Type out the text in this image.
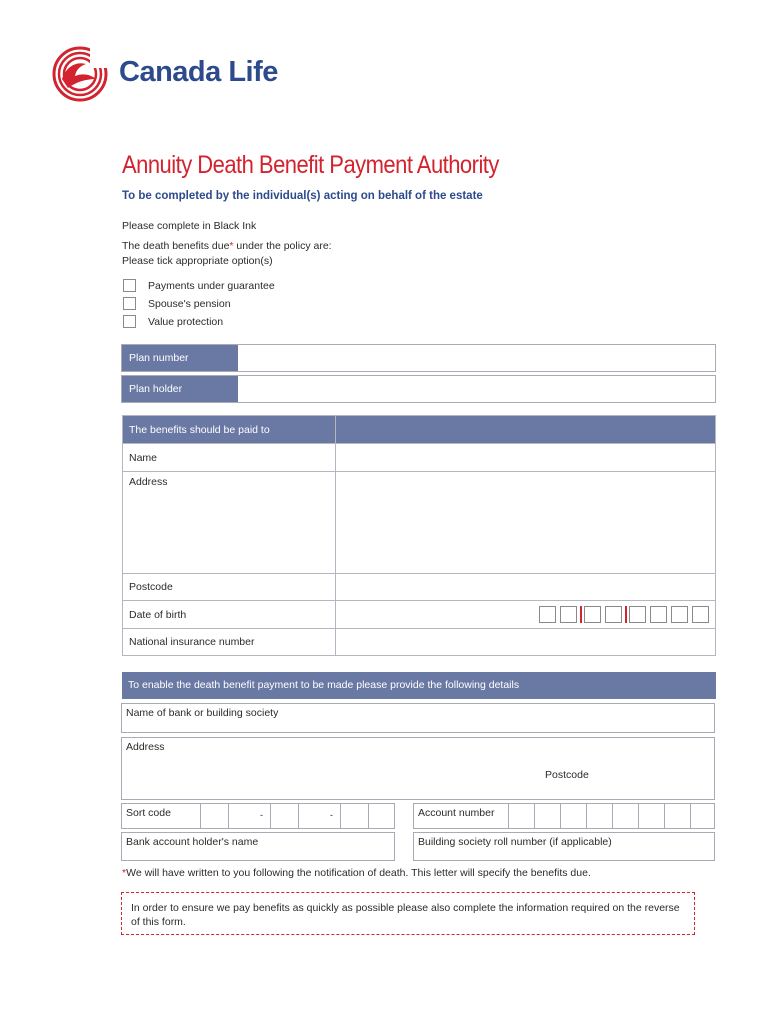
Canada Life
Annuity Death Benefit Payment Authority
To be completed by the individual(s) acting on behalf of the estate
Please complete in Black Ink
The death benefits due* under the policy are:
Please tick appropriate option(s)
Payments under guarantee
Spouse's pension
Value protection
Plan number
Plan holder
The benefits should be paid to	
Name	
Address	
Postcode	
Date of birth	

National insurance number	
To enable the death benefit payment to be made please provide the following details
Name of bank or building society
Address
Postcode
Sort code	-	-	Account number
Bank account holder's name	Building society roll number (if applicable)
*We will have written to you following the notification of death. This letter will specify the benefits due.
In order to ensure we pay benefits as quickly as possible please also complete the information required on the reverse of this form.
